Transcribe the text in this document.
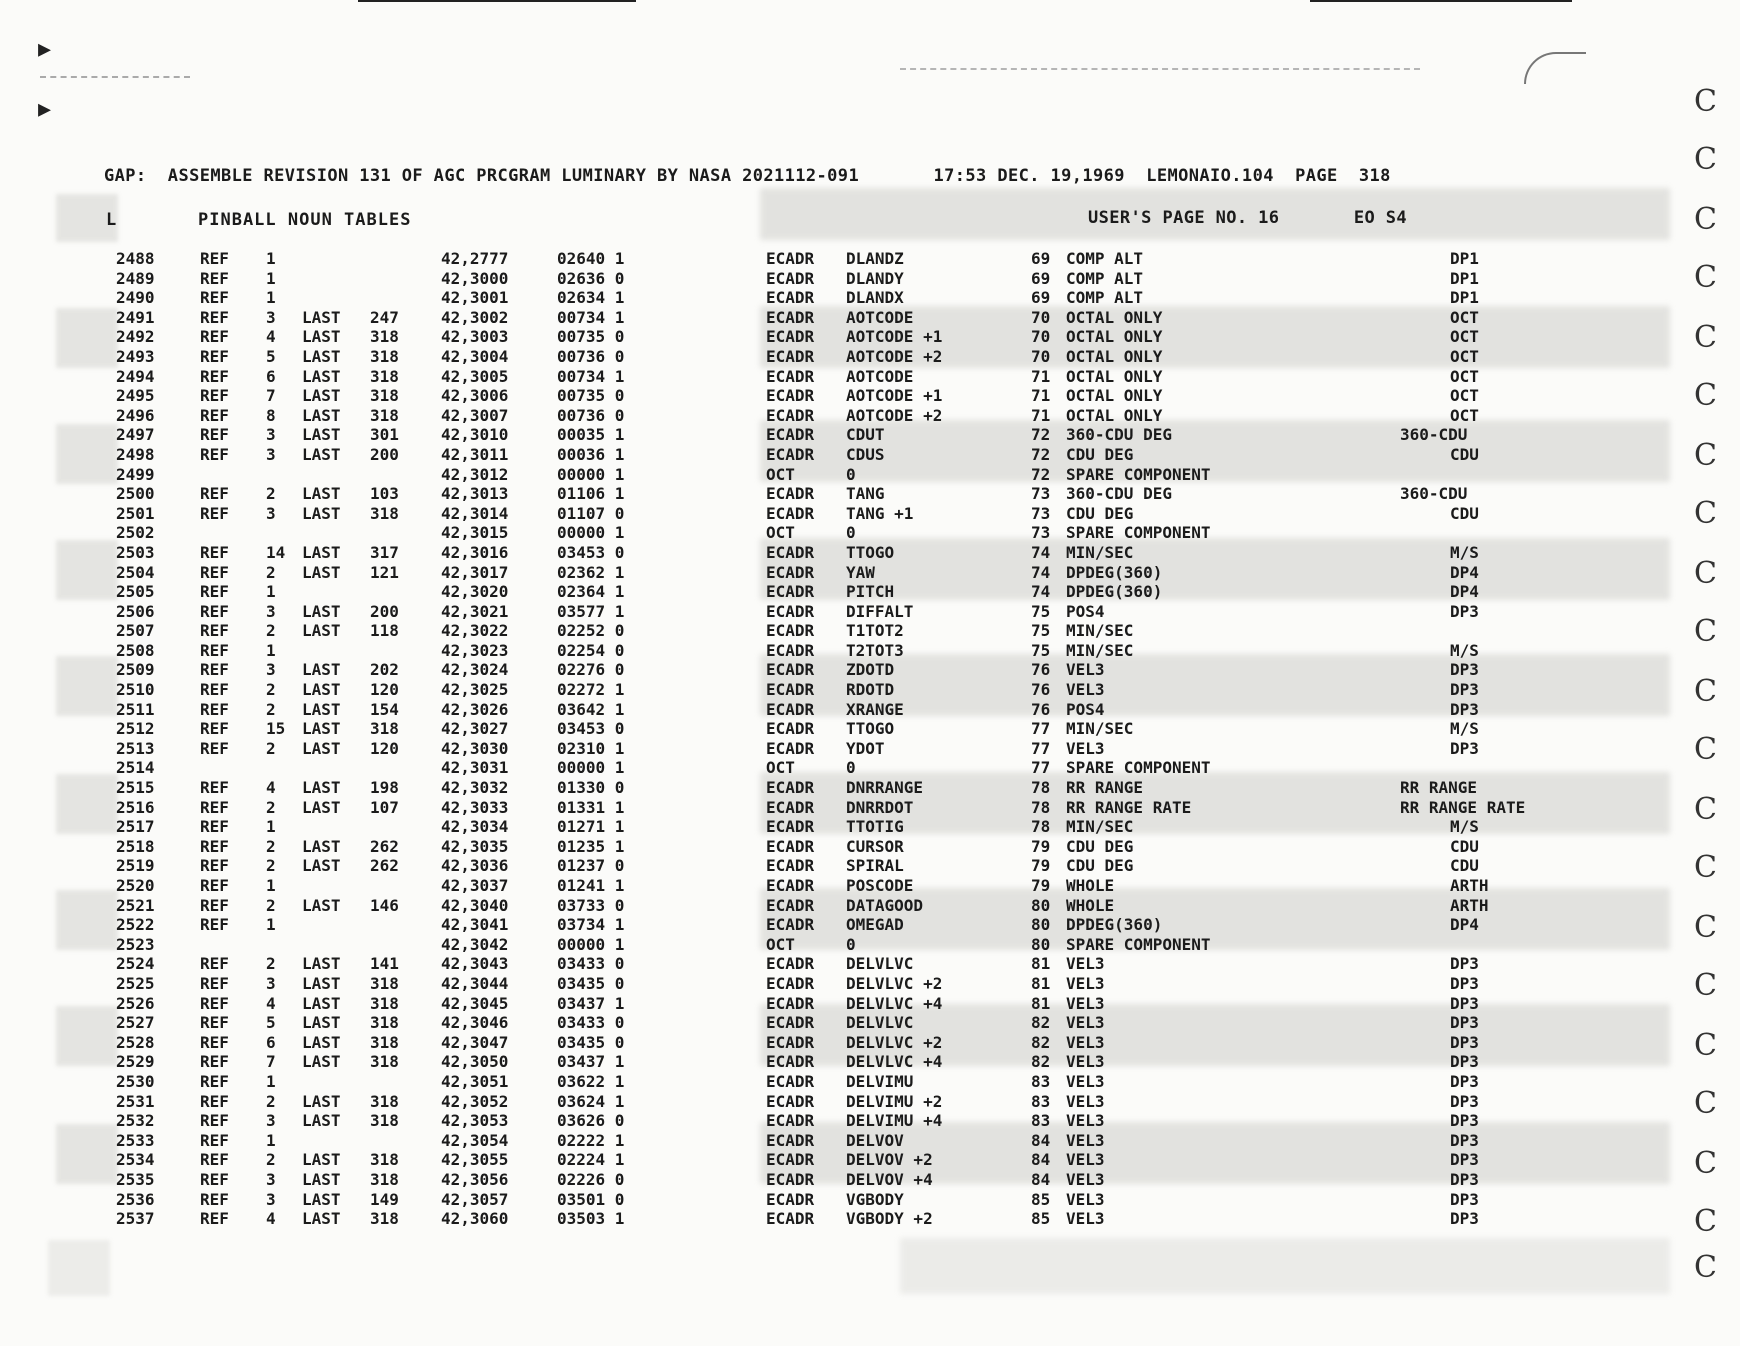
▸
▸	C
C
C
C
C
C
C
C
C
C
C
C
C
C
C
C
C
C
C
C
C
GAP:  ASSEMBLE REVISION 131 OF AGC PRCGRAM LUMINARY BY NASA 2021112-091       17:53 DEC. 19,1969  LEMONAIO.104  PAGE  318
L	PINBALL NOUN TABLES	USER'S PAGE NO. 16       EO S4
2488	REF 1	42,2777	02640 1	ECADR DLANDZ	69 COMP ALT	DP1
2489	REF 1	42,3000	02636 0	ECADR DLANDY	69 COMP ALT	DP1
2490	REF 1	42,3001	02634 1	ECADR DLANDX	69 COMP ALT	DP1
2491	REF 3 LAST 247	42,3002	00734 1	ECADR AOTCODE	70 OCTAL ONLY	OCT
2492	REF 4 LAST 318	42,3003	00735 0	ECADR AOTCODE +1	70 OCTAL ONLY	OCT
2493	REF 5 LAST 318	42,3004	00736 0	ECADR AOTCODE +2	70 OCTAL ONLY	OCT
2494	REF 6 LAST 318	42,3005	00734 1	ECADR AOTCODE	71 OCTAL ONLY	OCT
2495	REF 7 LAST 318	42,3006	00735 0	ECADR AOTCODE +1	71 OCTAL ONLY	OCT
2496	REF 8 LAST 318	42,3007	00736 0	ECADR AOTCODE +2	71 OCTAL ONLY	OCT
2497	REF 3 LAST 301	42,3010	00035 1	ECADR CDUT	72 360-CDU DEG	360-CDU
2498	REF 3 LAST 200	42,3011	00036 1	ECADR CDUS	72 CDU DEG	CDU
2499	42,3012	00000 1	OCT	0	72 SPARE COMPONENT
2500	REF 2 LAST 103	42,3013	01106 1	ECADR TANG	73 360-CDU DEG	360-CDU
2501	REF 3 LAST 318	42,3014	01107 0	ECADR TANG +1	73 CDU DEG	CDU
2502	42,3015	00000 1	OCT	0	73 SPARE COMPONENT
2503	REF 14 LAST 317	42,3016	03453 0	ECADR TTOGO	74 MIN/SEC	M/S
2504	REF 2 LAST 121	42,3017	02362 1	ECADR YAW	74 DPDEG(360)	DP4
2505	REF 1	42,3020	02364 1	ECADR PITCH	74 DPDEG(360)	DP4
2506	REF 3 LAST 200	42,3021	03577 1	ECADR DIFFALT	75 POS4	DP3
2507	REF 2 LAST 118	42,3022	02252 0	ECADR T1TOT2	75 MIN/SEC
2508	REF 1	42,3023	02254 0	ECADR T2TOT3	75 MIN/SEC	M/S
2509	REF 3 LAST 202	42,3024	02276 0	ECADR ZDOTD	76 VEL3	DP3
2510	REF 2 LAST 120	42,3025	02272 1	ECADR RDOTD	76 VEL3	DP3
2511	REF 2 LAST 154	42,3026	03642 1	ECADR XRANGE	76 POS4	DP3
2512	REF 15 LAST 318	42,3027	03453 0	ECADR TTOGO	77 MIN/SEC	M/S
2513	REF 2 LAST 120	42,3030	02310 1	ECADR YDOT	77 VEL3	DP3
2514	42,3031	00000 1	OCT	0	77 SPARE COMPONENT
2515	REF 4 LAST 198	42,3032	01330 0	ECADR DNRRANGE	78 RR RANGE	RR RANGE
2516	REF 2 LAST 107	42,3033	01331 1	ECADR DNRRDOT	78 RR RANGE RATE	RR RANGE RATE
2517	REF 1	42,3034	01271 1	ECADR TTOTIG	78 MIN/SEC	M/S
2518	REF 2 LAST 262	42,3035	01235 1	ECADR CURSOR	79 CDU DEG	CDU
2519	REF 2 LAST 262	42,3036	01237 0	ECADR SPIRAL	79 CDU DEG	CDU
2520	REF 1	42,3037	01241 1	ECADR POSCODE	79 WHOLE	ARTH
2521	REF 2 LAST 146	42,3040	03733 0	ECADR DATAGOOD	80 WHOLE	ARTH
2522	REF 1	42,3041	03734 1	ECADR OMEGAD	80 DPDEG(360)	DP4
2523	42,3042	00000 1	OCT	0	80 SPARE COMPONENT
2524	REF 2 LAST 141	42,3043	03433 0	ECADR DELVLVC	81 VEL3	DP3
2525	REF 3 LAST 318	42,3044	03435 0	ECADR DELVLVC +2	81 VEL3	DP3
2526	REF 4 LAST 318	42,3045	03437 1	ECADR DELVLVC +4	81 VEL3	DP3
2527	REF 5 LAST 318	42,3046	03433 0	ECADR DELVLVC	82 VEL3	DP3
2528	REF 6 LAST 318	42,3047	03435 0	ECADR DELVLVC +2	82 VEL3	DP3
2529	REF 7 LAST 318	42,3050	03437 1	ECADR DELVLVC +4	82 VEL3	DP3
2530	REF 1	42,3051	03622 1	ECADR DELVIMU	83 VEL3	DP3
2531	REF 2 LAST 318	42,3052	03624 1	ECADR DELVIMU +2	83 VEL3	DP3
2532	REF 3 LAST 318	42,3053	03626 0	ECADR DELVIMU +4	83 VEL3	DP3
2533	REF 1	42,3054	02222 1	ECADR DELVOV	84 VEL3	DP3
2534	REF 2 LAST 318	42,3055	02224 1	ECADR DELVOV +2	84 VEL3	DP3
2535	REF 3 LAST 318	42,3056	02226 0	ECADR DELVOV +4	84 VEL3	DP3
2536	REF 3 LAST 149	42,3057	03501 0	ECADR VGBODY	85 VEL3	DP3
2537	REF 4 LAST 318	42,3060	03503 1	ECADR VGBODY +2	85 VEL3	DP3
